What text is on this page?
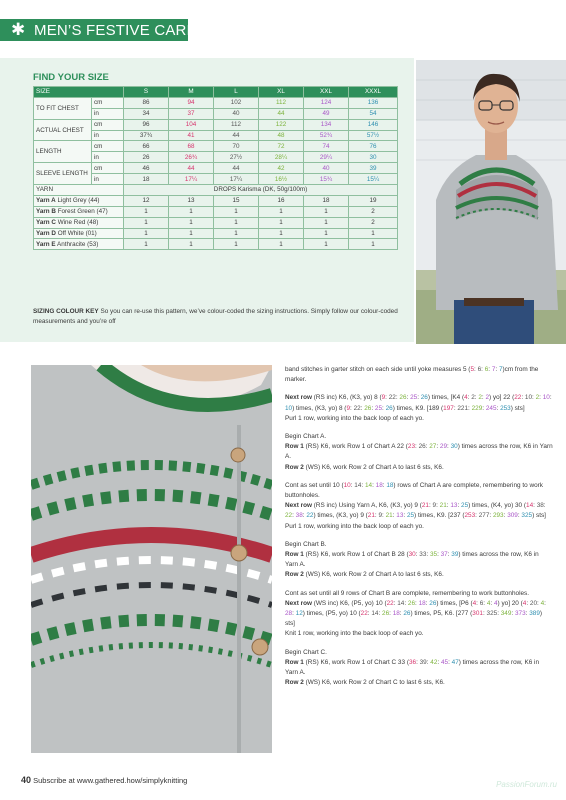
✱ MEN’S FESTIVE CARDI
FIND YOUR SIZE
SIZE		S	M	L	XL	XXL	XXXL
TO FIT CHEST	cm	86	94	102	112	124	136
	in	34	37	40	44	49	54
ACTUAL CHEST	cm	96	104	112	122	134	146
	in	37¾	41	44	48	52¾	57½
LENGTH	cm	66	68	70	72	74	76
	in	26	26¾	27½	28¼	29¼	30
SLEEVE LENGTH	cm	46	44	44	42	40	39
	in	18	17¼	17¼	16½	15¾	15¼
YARN		DROPS Karisma (DK, 50g/100m)					
Yarn A Light Grey (44)		12	13	15	16	18	19
Yarn B Forest Green (47)		1	1	1	1	1	2
Yarn C Wine Red (48)		1	1	1	1	1	2
Yarn D Off White (01)		1	1	1	1	1	1
Yarn E Anthracite (53)		1	1	1	1	1	1
SIZING COLOUR KEY So you can re-use this pattern, we’ve colour-coded the sizing instructions. Simply follow our colour-coded measurements and you’re off

band stitches in garter stitch on each side until yoke measures 5 (5: 6: 6: 7: 7)cm from the marker.

Next row (RS inc) K6, (K3, yo) 8 (9: 22: 26: 25: 26) times, [K4 (4: 2: 2: 2) yo] 22 (22: 10: 2: 10: 10) times, (K3, yo) 8 (9: 22: 26: 25: 26) times, K9. [189 (197: 221: 229: 245: 253) sts]
Purl 1 row, working into the back loop of each yo.

Begin Chart A.
Row 1 (RS) K6, work Row 1 of Chart A 22 (23: 26: 27: 29: 30) times across the row, K6 in Yarn A.
Row 2 (WS) K6, work Row 2 of Chart A to last 6 sts, K6.

Cont as set until 10 (10: 14: 14: 18: 18) rows of Chart A are complete, remembering to work buttonholes.
Next row (RS inc) Using Yarn A, K6, (K3, yo) 9 (21: 9: 21: 13: 25) times, (K4, yo) 30 (14: 38: 22: 38: 22) times, (K3, yo) 9 (21: 9: 21: 13: 25) times, K9. [237 (253: 277: 293: 309: 325) sts]
Purl 1 row, working into the back loop of each yo.

Begin Chart B.
Row 1 (RS) K6, work Row 1 of Chart B 28 (30: 33: 35: 37: 39) times across the row, K6 in Yarn A.
Row 2 (WS) K6, work Row 2 of Chart A to last 6 sts, K6.

Cont as set until all 9 rows of Chart B are complete, remembering to work buttonholes.
Next row (WS inc) K6, (P5, yo) 10 (22: 14: 26: 18: 26) times, [P6 (4: 6: 4: 4) yo] 20 (4: 20: 4: 28: 12) times, (P5, yo) 10 (22: 14: 26: 18: 26) times, P5, K6. [277 (301: 325: 349: 373: 389) sts]
Knit 1 row, working into the back loop of each yo.

Begin Chart C.
Row 1 (RS) K6, work Row 1 of Chart C 33 (36: 39: 42: 45: 47) times across the row, K6 in Yarn A.
Row 2 (WS) K6, work Row 2 of Chart C to last 6 sts, K6.

40 Subscribe at www.gathered.how/simplyknitting	PassionForum.ru
